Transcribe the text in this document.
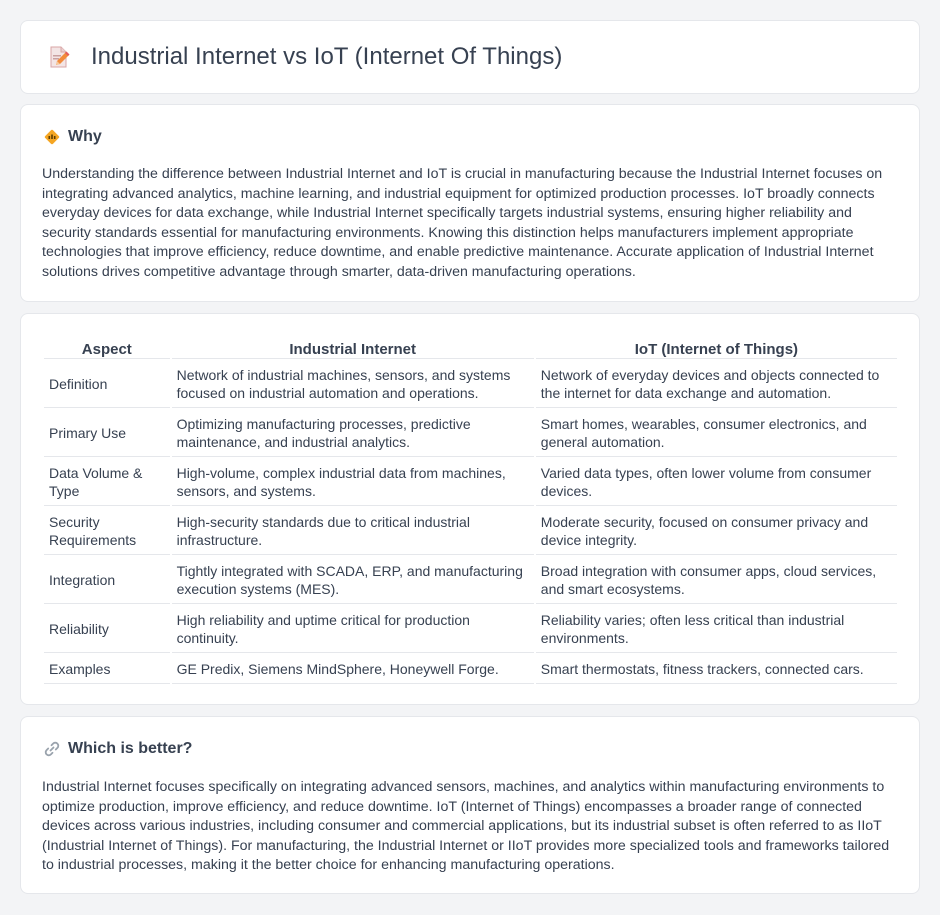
Industrial Internet vs IoT (Internet Of Things)
Why

Understanding the difference between Industrial Internet and IoT is crucial in manufacturing because the Industrial Internet focuses on integrating advanced analytics, machine learning, and industrial equipment for optimized production processes. IoT broadly connects everyday devices for data exchange, while Industrial Internet specifically targets industrial systems, ensuring higher reliability and security standards essential for manufacturing environments. Knowing this distinction helps manufacturers implement appropriate technologies that improve efficiency, reduce downtime, and enable predictive maintenance. Accurate application of Industrial Internet solutions drives competitive advantage through smarter, data-driven manufacturing operations.

Aspect	Industrial Internet	IoT (Internet of Things)
Definition	Network of industrial machines, sensors, and systems focused on industrial automation and operations.	Network of everyday devices and objects connected to the internet for data exchange and automation.
Primary Use	Optimizing manufacturing processes, predictive maintenance, and industrial analytics.	Smart homes, wearables, consumer electronics, and general automation.
Data Volume & Type	High-volume, complex industrial data from machines, sensors, and systems.	Varied data types, often lower volume from consumer devices.
Security Requirements	High-security standards due to critical industrial infrastructure.	Moderate security, focused on consumer privacy and device integrity.
Integration	Tightly integrated with SCADA, ERP, and manufacturing execution systems (MES).	Broad integration with consumer apps, cloud services, and smart ecosystems.
Reliability	High reliability and uptime critical for production continuity.	Reliability varies; often less critical than industrial environments.
Examples	GE Predix, Siemens MindSphere, Honeywell Forge.	Smart thermostats, fitness trackers, connected cars.
Which is better?

Industrial Internet focuses specifically on integrating advanced sensors, machines, and analytics within manufacturing environments to optimize production, improve efficiency, and reduce downtime. IoT (Internet of Things) encompasses a broader range of connected devices across various industries, including consumer and commercial applications, but its industrial subset is often referred to as IIoT (Industrial Internet of Things). For manufacturing, the Industrial Internet or IIoT provides more specialized tools and frameworks tailored to industrial processes, making it the better choice for enhancing manufacturing operations.
